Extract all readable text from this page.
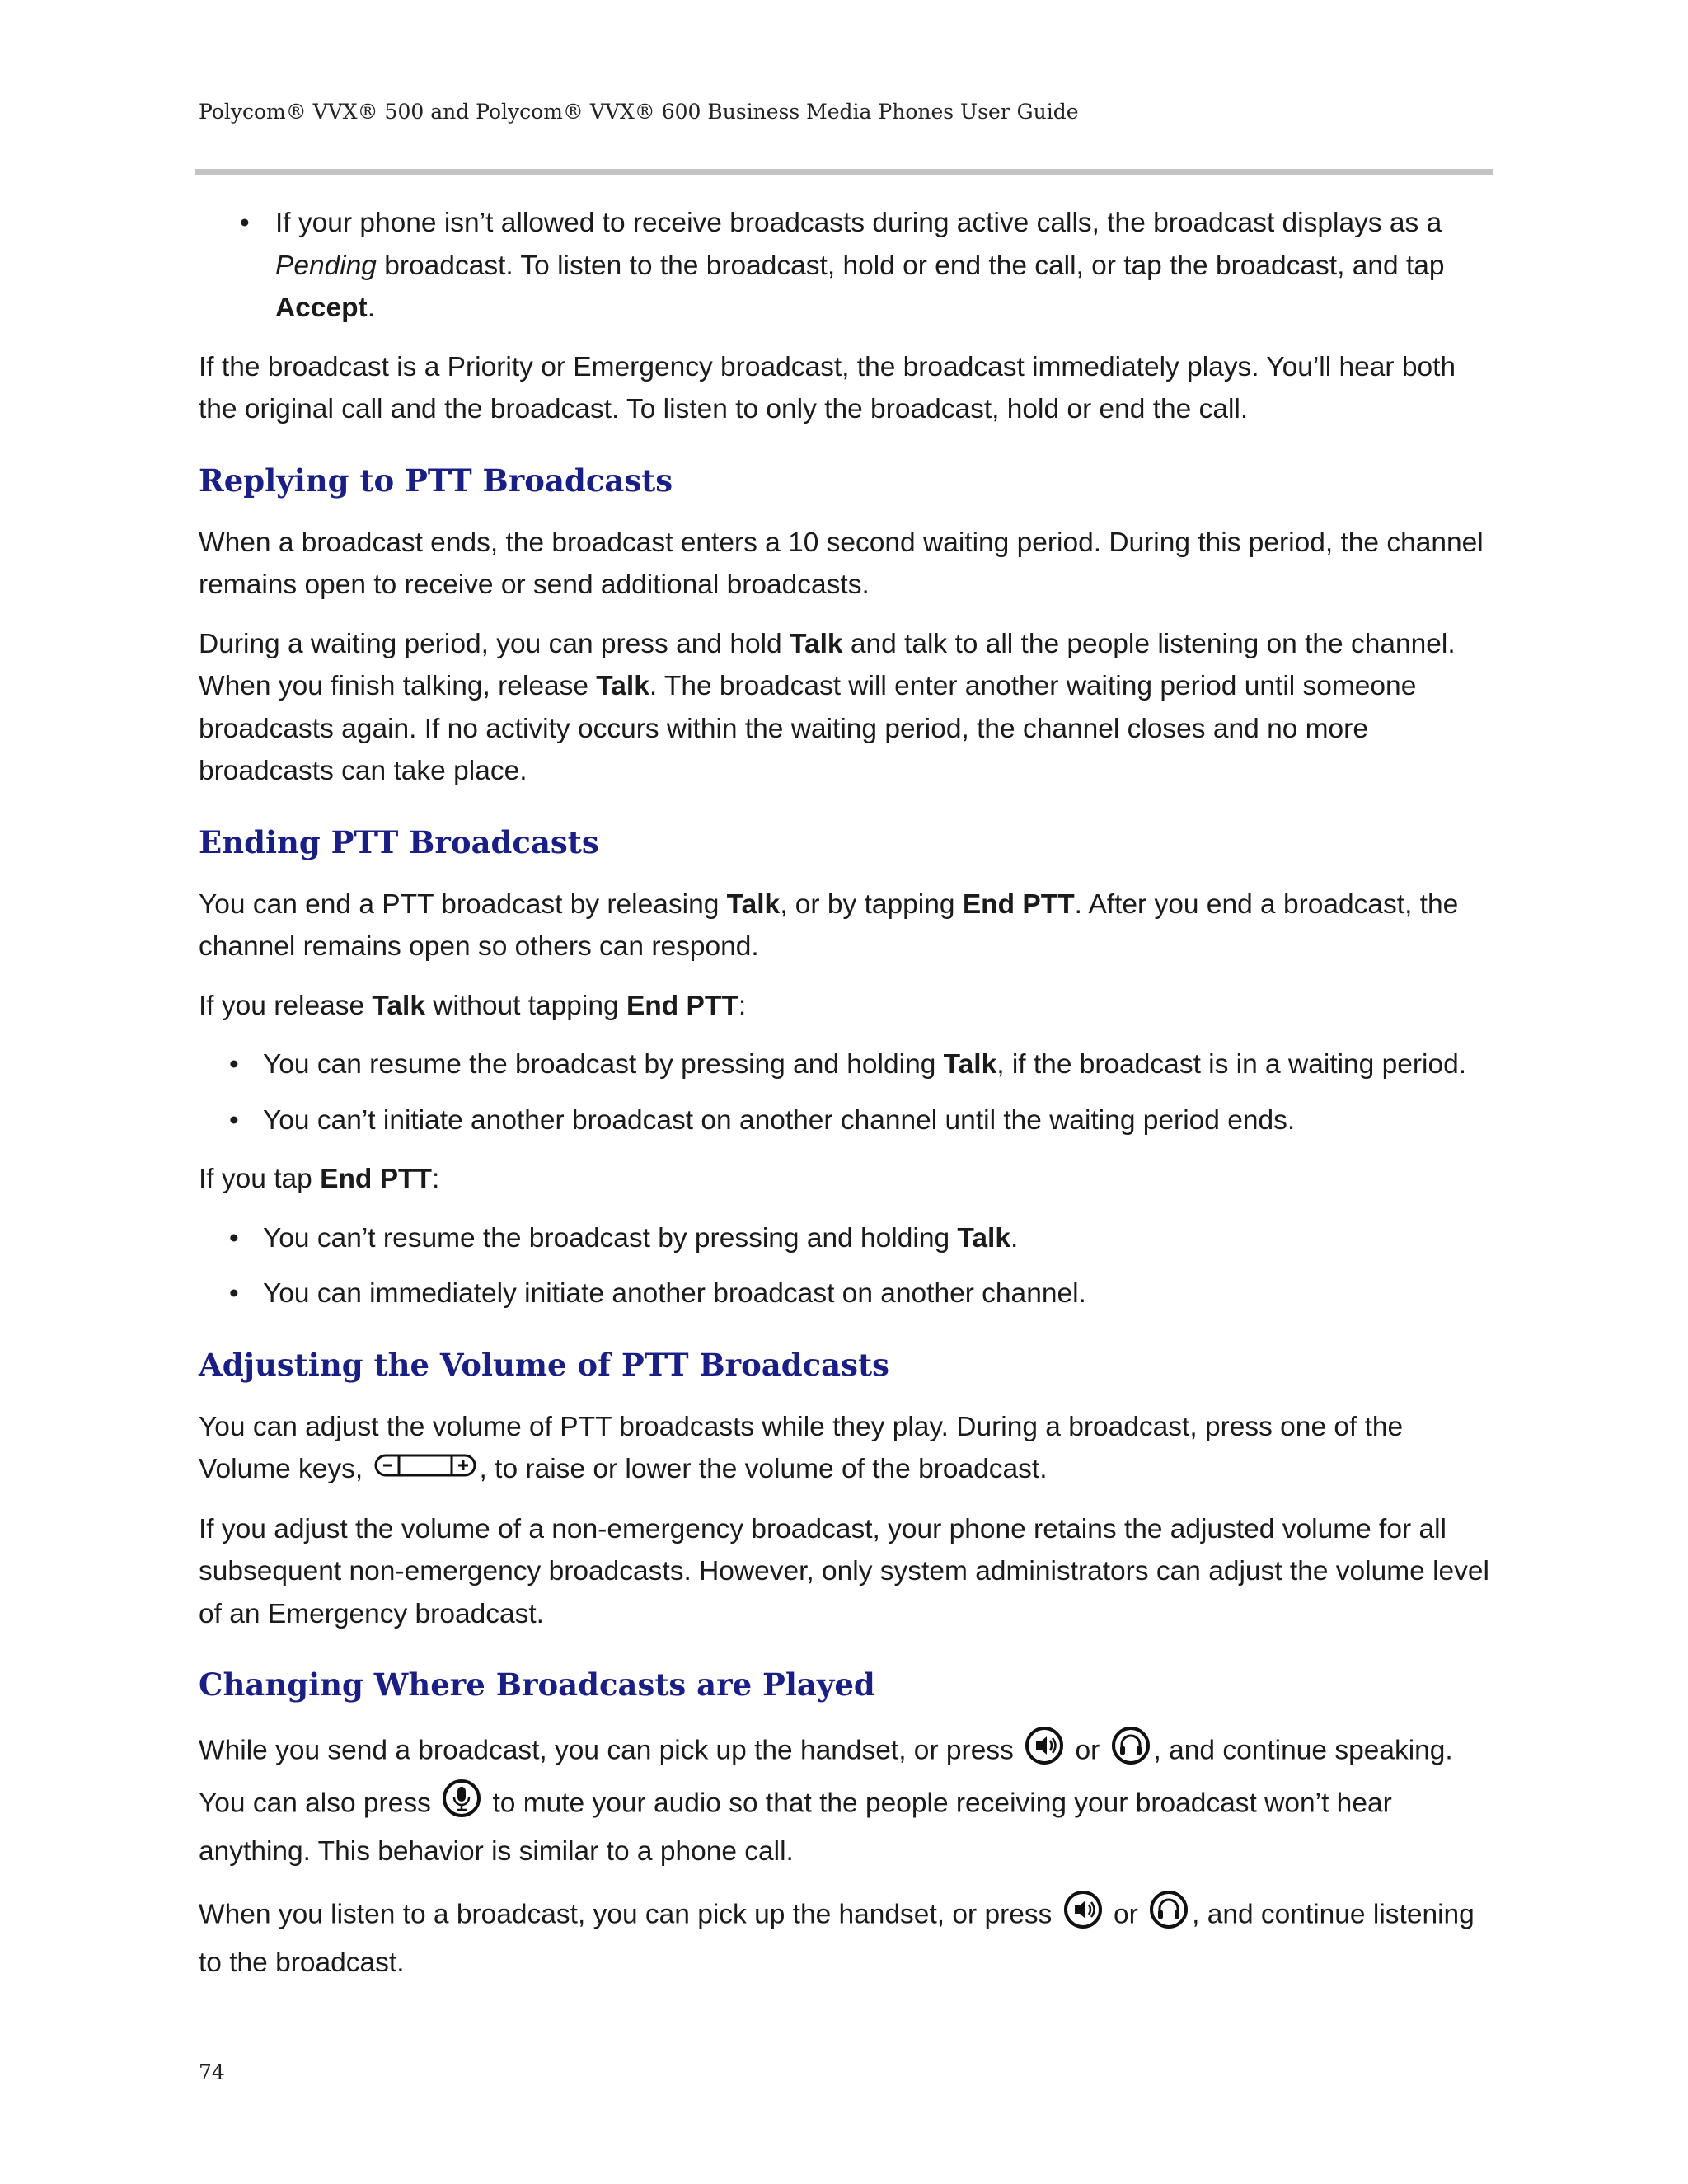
Polycom® VVX® 500 and Polycom® VVX® 600 Business Media Phones User Guide
• If your phone isn’t allowed to receive broadcasts during active calls, the broadcast displays as a Pending broadcast. To listen to the broadcast, hold or end the call, or tap the broadcast, and tap Accept.

If the broadcast is a Priority or Emergency broadcast, the broadcast immediately plays. You’ll hear both the original call and the broadcast. To listen to only the broadcast, hold or end the call.

Replying to PTT Broadcasts

When a broadcast ends, the broadcast enters a 10 second waiting period. During this period, the channel remains open to receive or send additional broadcasts.

During a waiting period, you can press and hold Talk and talk to all the people listening on the channel. When you finish talking, release Talk. The broadcast will enter another waiting period until someone broadcasts again. If no activity occurs within the waiting period, the channel closes and no more broadcasts can take place.

Ending PTT Broadcasts

You can end a PTT broadcast by releasing Talk, or by tapping End PTT. After you end a broadcast, the channel remains open so others can respond.

If you release Talk without tapping End PTT:

• You can resume the broadcast by pressing and holding Talk, if the broadcast is in a waiting period.
• You can’t initiate another broadcast on another channel until the waiting period ends.

If you tap End PTT:

• You can’t resume the broadcast by pressing and holding Talk.
• You can immediately initiate another broadcast on another channel.
Adjusting the Volume of PTT Broadcasts

You can adjust the volume of PTT broadcasts while they play. During a broadcast, press one of the Volume keys,	, to raise or lower the volume of the broadcast.

If you adjust the volume of a non-emergency broadcast, your phone retains the adjusted volume for all subsequent non-emergency broadcasts. However, only system administrators can adjust the volume level of an Emergency broadcast.

Changing Where Broadcasts are Played

While you send a broadcast, you can pick up the handset, or press  or , and continue speaking. You can also press  to mute your audio so that the people receiving your broadcast won’t hear anything. This behavior is similar to a phone call.

When you listen to a broadcast, you can pick up the handset, or press  or , and continue listening to the broadcast.

74
